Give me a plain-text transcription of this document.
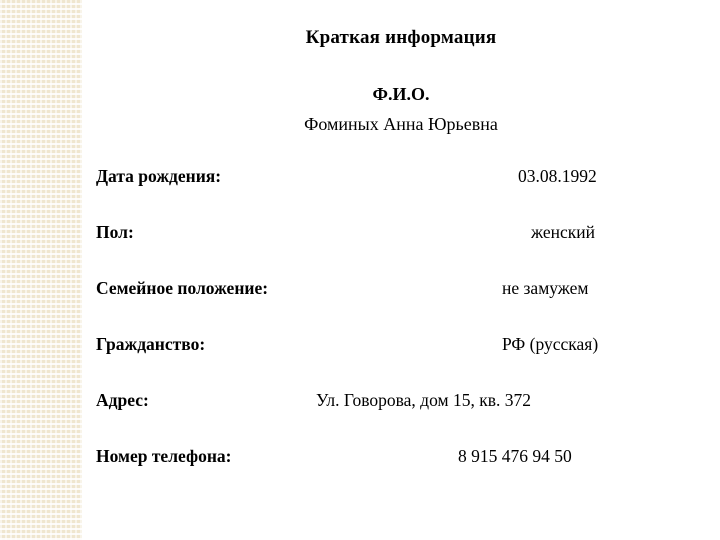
Краткая информация
Ф.И.О.
Фоминых Анна Юрьевна
Дата рождения:	03.08.1992
Пол:	женский
Семейное положение:	не замужем
Гражданство:	РФ (русская)
Адрес:	Ул. Говорова, дом 15, кв. 372
Номер телефона:	8 915 476 94 50
